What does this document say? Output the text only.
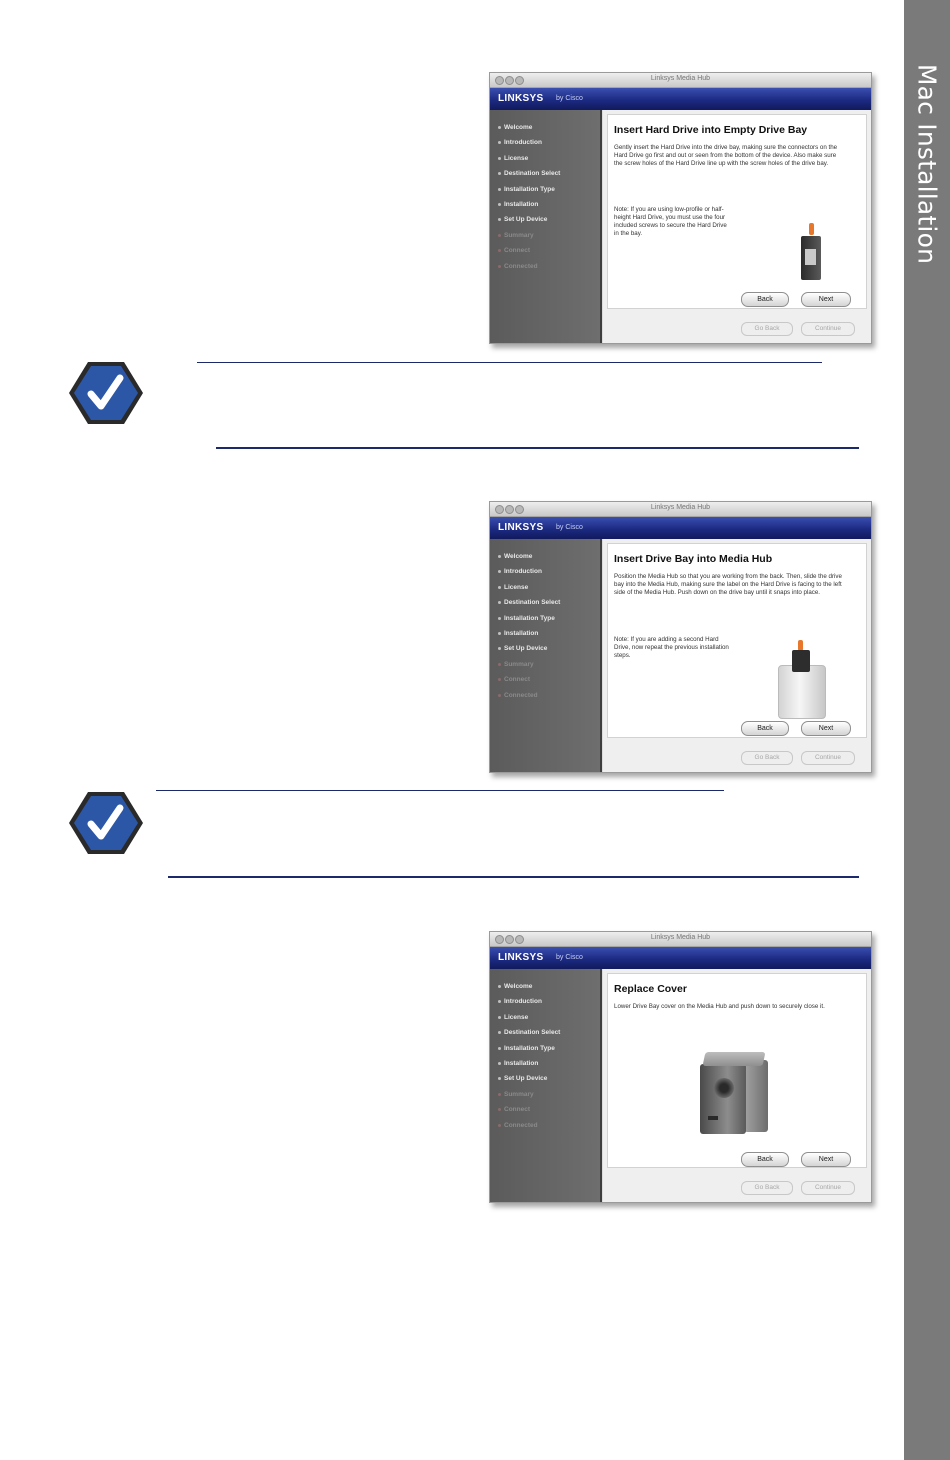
Mac Installation
Linksys Media Hub
LINKSYS by Cisco
Welcome
Introduction
License
Destination Select
Installation Type
Installation
Set Up Device
Summary
Connect
Connected
Insert Hard Drive into Empty Drive Bay
Gently insert the Hard Drive into the drive bay, making sure the connectors on the Hard Drive go first and out or seen from the bottom of the device. Also make sure the screw holes of the Hard Drive line up with the screw holes of the drive bay.
Note: If you are using low-profile or half-height Hard Drive, you must use the four included screws to secure the Hard Drive in the bay.
Back	Next
Go Back	Continue
Linksys Media Hub
LINKSYS by Cisco
Welcome
Introduction
License
Destination Select
Installation Type
Installation
Set Up Device
Summary
Connect
Connected
Insert Drive Bay into Media Hub
Position the Media Hub so that you are working from the back. Then, slide the drive bay into the Media Hub, making sure the label on the Hard Drive is facing to the left side of the Media Hub. Push down on the drive bay until it snaps into place.
Note: If you are adding a second Hard Drive, now repeat the previous installation steps.
Back	Next
Go Back	Continue
Linksys Media Hub
LINKSYS by Cisco
Welcome
Introduction
License
Destination Select
Installation Type
Installation
Set Up Device
Summary
Connect
Connected
Replace Cover
Lower Drive Bay cover on the Media Hub and push down to securely close it.
Back	Next
Go Back	Continue
